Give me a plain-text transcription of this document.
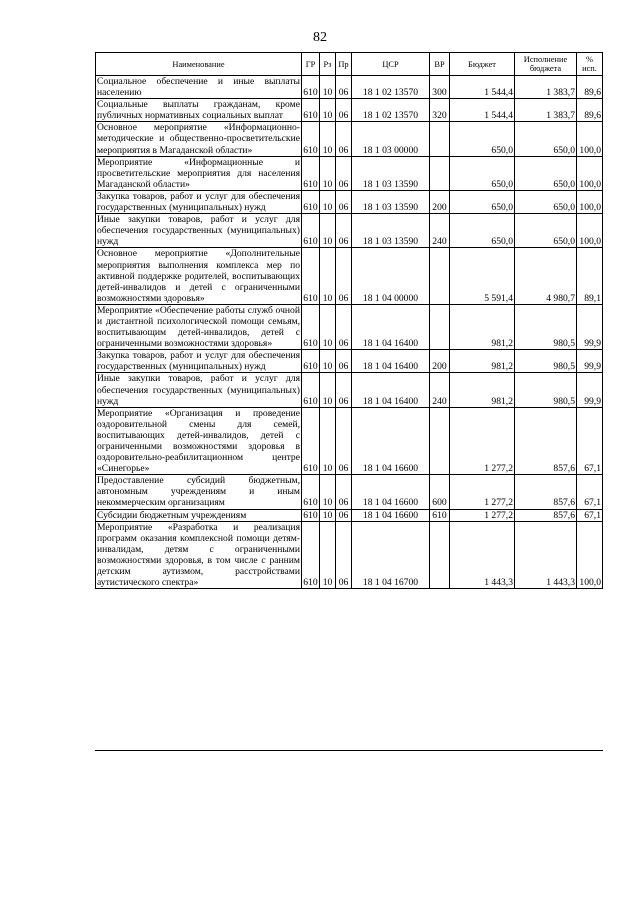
82
Наименование	ГР	Рз	Пр	ЦСР	ВР	Бюджет	Исполнение бюджета	% исп.
Социальное обеспечение и иные выплаты населению	610	10	06	18 1 02 13570	300	1 544,4	1 383,7	89,6
Социальные выплаты гражданам, кроме публичных нормативных социальных выплат	610	10	06	18 1 02 13570	320	1 544,4	1 383,7	89,6
Основное мероприятие «Информационно-методические и общественно-просветительские мероприятия в Магаданской области»	610	10	06	18 1 03 00000		650,0	650,0	100,0
Мероприятие «Информационные и просветительские мероприятия для населения Магаданской области»	610	10	06	18 1 03 13590		650,0	650,0	100,0
Закупка товаров, работ и услуг для обеспечения государственных (муниципальных) нужд	610	10	06	18 1 03 13590	200	650,0	650,0	100,0
Иные закупки товаров, работ и услуг для обеспечения государственных (муниципальных) нужд	610	10	06	18 1 03 13590	240	650,0	650,0	100,0
Основное мероприятие «Дополнительные мероприятия выполнения комплекса мер по активной поддержке родителей, воспитывающих детей-инвалидов и детей с ограниченными возможностями здоровья»	610	10	06	18 1 04 00000		5 591,4	4 980,7	89,1
Мероприятие «Обеспечение работы служб очной и дистантной психологической помощи семьям, воспитывающим детей-инвалидов, детей с ограниченными возможностями здоровья»	610	10	06	18 1 04 16400		981,2	980,5	99,9
Закупка товаров, работ и услуг для обеспечения государственных (муниципальных) нужд	610	10	06	18 1 04 16400	200	981,2	980,5	99,9
Иные закупки товаров, работ и услуг для обеспечения государственных (муниципальных) нужд	610	10	06	18 1 04 16400	240	981,2	980,5	99,9
Мероприятие «Организация и проведение оздоровительной смены для семей, воспитывающих детей-инвалидов, детей с ограниченными возможностями здоровья в оздоровительно-реабилитационном центре «Синегорье»	610	10	06	18 1 04 16600		1 277,2	857,6	67,1
Предоставление субсидий бюджетным, автономным учреждениям и иным некоммерческим организациям	610	10	06	18 1 04 16600	600	1 277,2	857,6	67,1
Субсидии бюджетным учреждениям	610	10	06	18 1 04 16600	610	1 277,2	857,6	67,1
Мероприятие «Разработка и реализация программ оказания комплексной помощи детям-инвалидам, детям с ограниченными возможностями здоровья, в том числе с ранним детским аутизмом, расстройствами аутистического спектра»	610	10	06	18 1 04 16700		1 443,3	1 443,3	100,0
